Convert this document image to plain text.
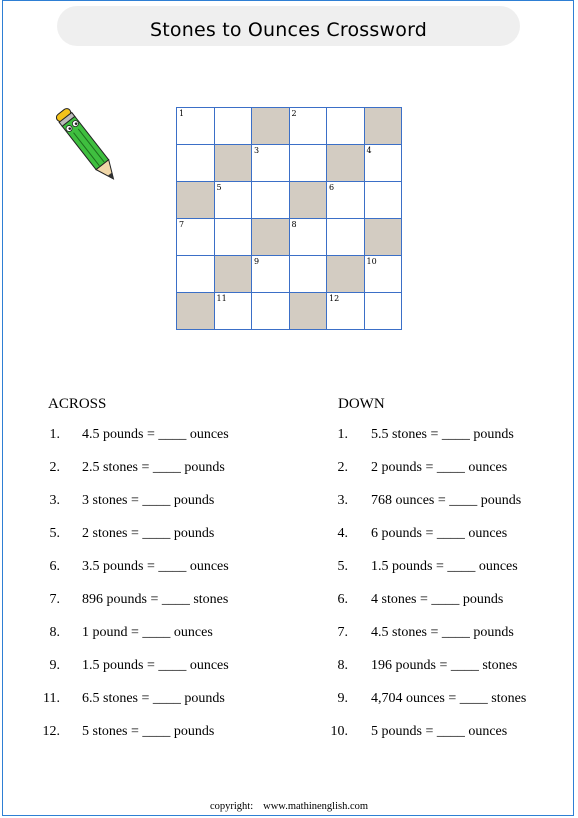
Stones to Ounces Crossword
1	2
3	4
5	6
7	8
9	10
11	12
ACROSS	DOWN
1. 4.5 pounds = ____ ounces
2. 2.5 stones = ____ pounds
3. 3 stones = ____ pounds
5. 2 stones = ____ pounds
6. 3.5 pounds = ____ ounces
7. 896 pounds = ____ stones
8. 1 pound = ____ ounces
9. 1.5 pounds = ____ ounces
11. 6.5 stones = ____ pounds
12. 5 stones = ____ pounds
1. 5.5 stones = ____ pounds
2. 2 pounds = ____ ounces
3. 768 ounces = ____ pounds
4. 6 pounds = ____ ounces
5. 1.5 pounds = ____ ounces
6. 4 stones = ____ pounds
7. 4.5 stones = ____ pounds
8. 196 pounds = ____ stones
9. 4,704 ounces = ____ stones
10. 5 pounds = ____ ounces
copyright: www.mathinenglish.com
